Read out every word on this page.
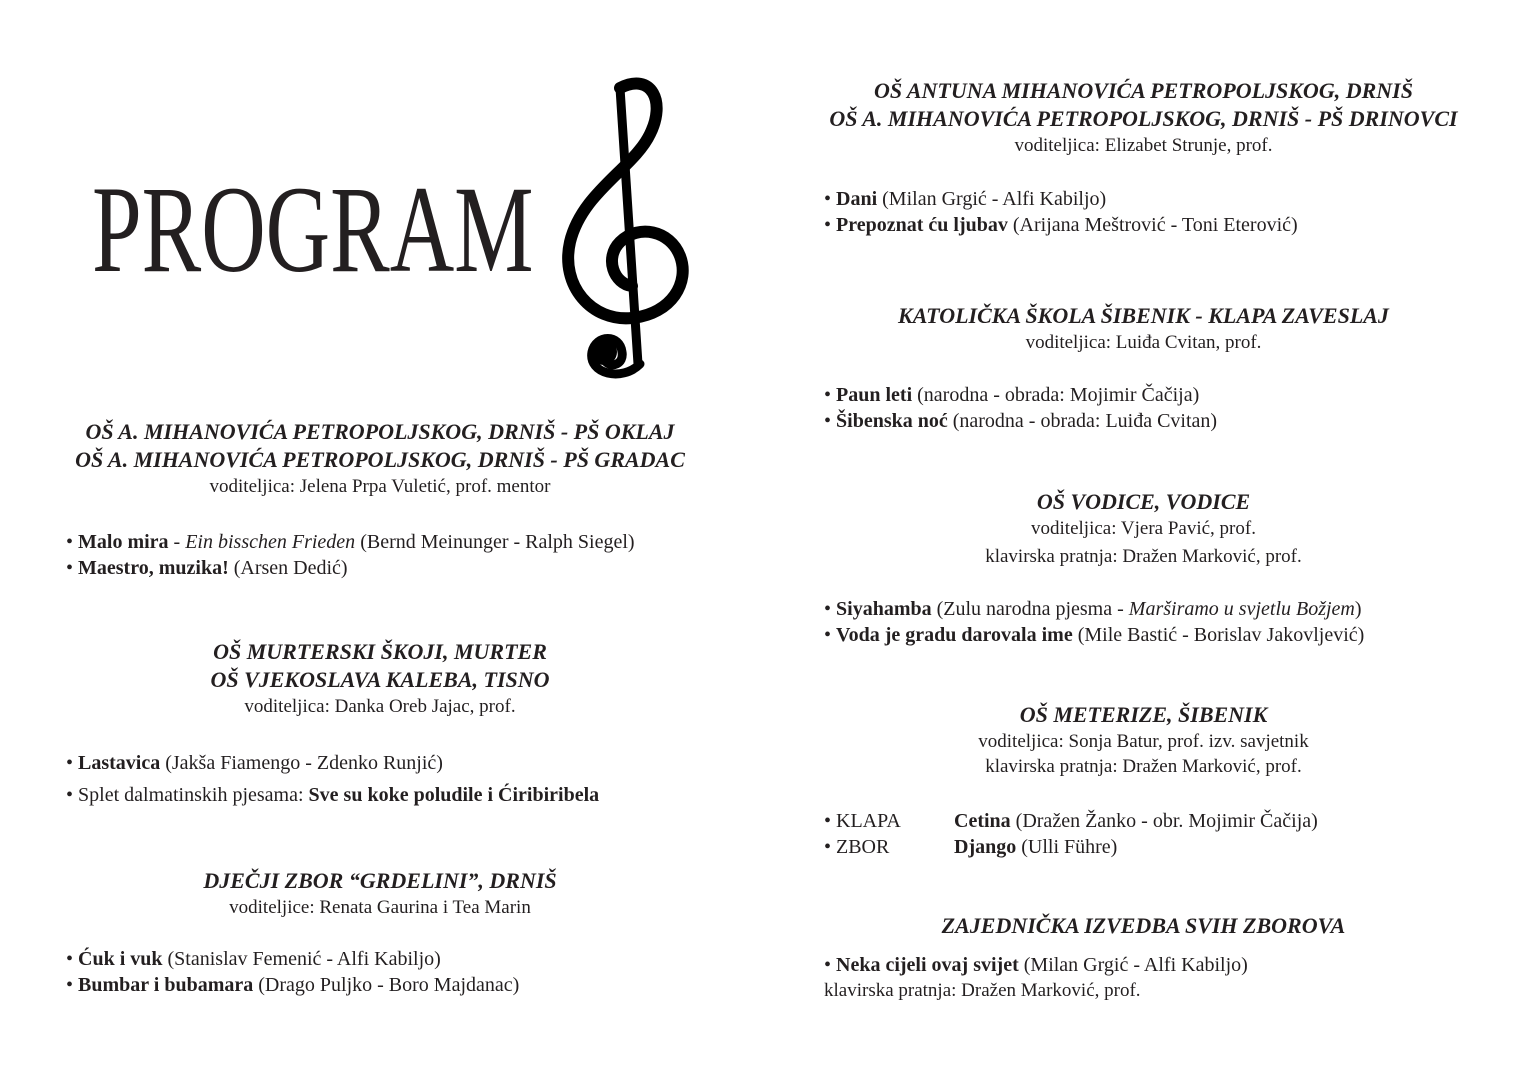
PROGRAM
OŠ A. MIHANOVIĆA PETROPOLJSKOG, DRNIŠ - PŠ OKLAJ
OŠ A. MIHANOVIĆA PETROPOLJSKOG, DRNIŠ - PŠ GRADAC
voditeljica: Jelena Prpa Vuletić, prof. mentor
• Malo mira - Ein bisschen Frieden (Bernd Meinunger - Ralph Siegel)
• Maestro, muzika! (Arsen Dedić)
OŠ MURTERSKI ŠKOJI, MURTER
OŠ VJEKOSLAVA KALEBA, TISNO
voditeljica: Danka Oreb Jajac, prof.
• Lastavica (Jakša Fiamengo - Zdenko Runjić)
• Splet dalmatinskih pjesama: Sve su koke poludile i Ćiribiribela
DJEČJI ZBOR “GRDELINI”, DRNIŠ
voditeljice: Renata Gaurina i Tea Marin
• Ćuk i vuk (Stanislav Femenić - Alfi Kabiljo)
• Bumbar i bubamara (Drago Puljko - Boro Majdanac)
OŠ ANTUNA MIHANOVIĆA PETROPOLJSKOG, DRNIŠ
OŠ A. MIHANOVIĆA PETROPOLJSKOG, DRNIŠ - PŠ DRINOVCI
voditeljica: Elizabet Strunje, prof.
• Dani (Milan Grgić - Alfi Kabiljo)
• Prepoznat ću ljubav (Arijana Meštrović - Toni Eterović)
KATOLIČKA ŠKOLA ŠIBENIK - KLAPA ZAVESLAJ
voditeljica: Luiđa Cvitan, prof.
• Paun leti (narodna - obrada: Mojimir Čačija)
• Šibenska noć (narodna - obrada: Luiđa Cvitan)
OŠ VODICE, VODICE
voditeljica: Vjera Pavić, prof.
klavirska pratnja: Dražen Marković, prof.
• Siyahamba (Zulu narodna pjesma - Marširamo u svjetlu Božjem)
• Voda je gradu darovala ime (Mile Bastić - Borislav Jakovljević)
OŠ METERIZE, ŠIBENIK
voditeljica: Sonja Batur, prof. izv. savjetnik
klavirska pratnja: Dražen Marković, prof.
• KLAPA	Cetina (Dražen Žanko - obr. Mojimir Čačija)
• ZBOR	Django (Ulli Führe)
ZAJEDNIČKA IZVEDBA SVIH ZBOROVA
• Neka cijeli ovaj svijet (Milan Grgić - Alfi Kabiljo)
klavirska pratnja: Dražen Marković, prof.
